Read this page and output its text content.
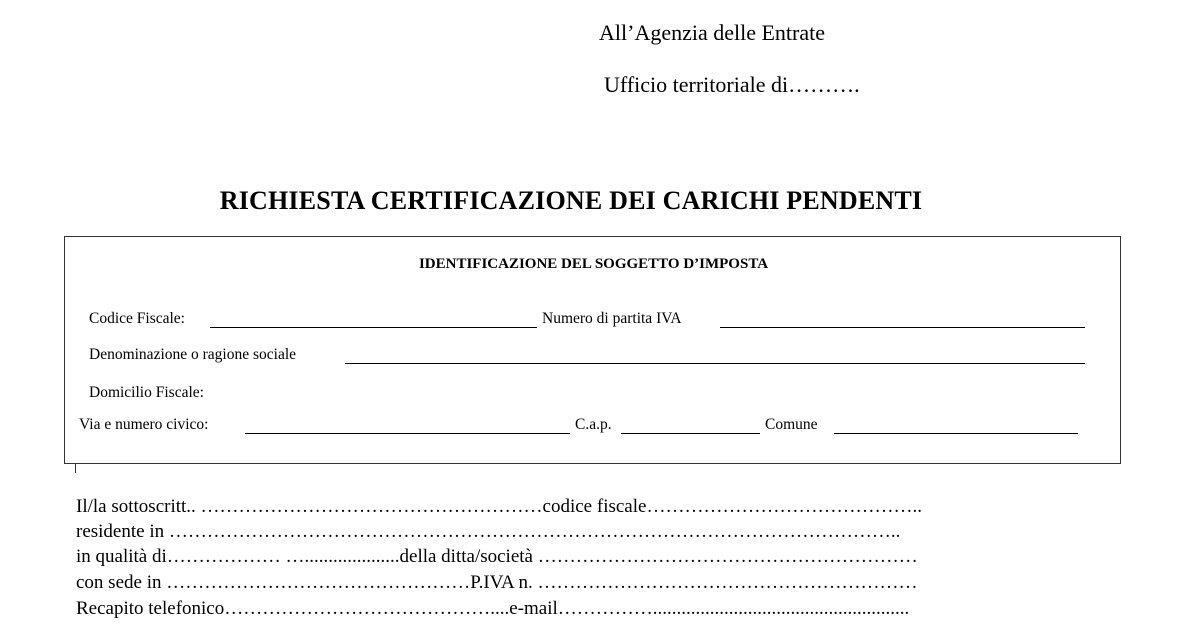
All’Agenzia delle Entrate
Ufficio territoriale di……….
RICHIESTA CERTIFICAZIONE DEI CARICHI PENDENTI
IDENTIFICAZIONE DEL SOGGETTO D’IMPOSTA
Codice Fiscale:	Numero di partita IVA
Denominazione o ragione sociale
Domicilio Fiscale:
Via e numero civico:	C.a.p.	Comune
Il/la sottoscritt.. ………………………………………………codice fiscale……………………………………..
residente in ……………………………………………………………………………………………………..
in qualità di……………… …....................della ditta/società ……………………………………………………
con sede in …………………………………………P.IVA n. ……………………………………………………
Recapito telefonico……………………………………....e-mail……………......................................................
